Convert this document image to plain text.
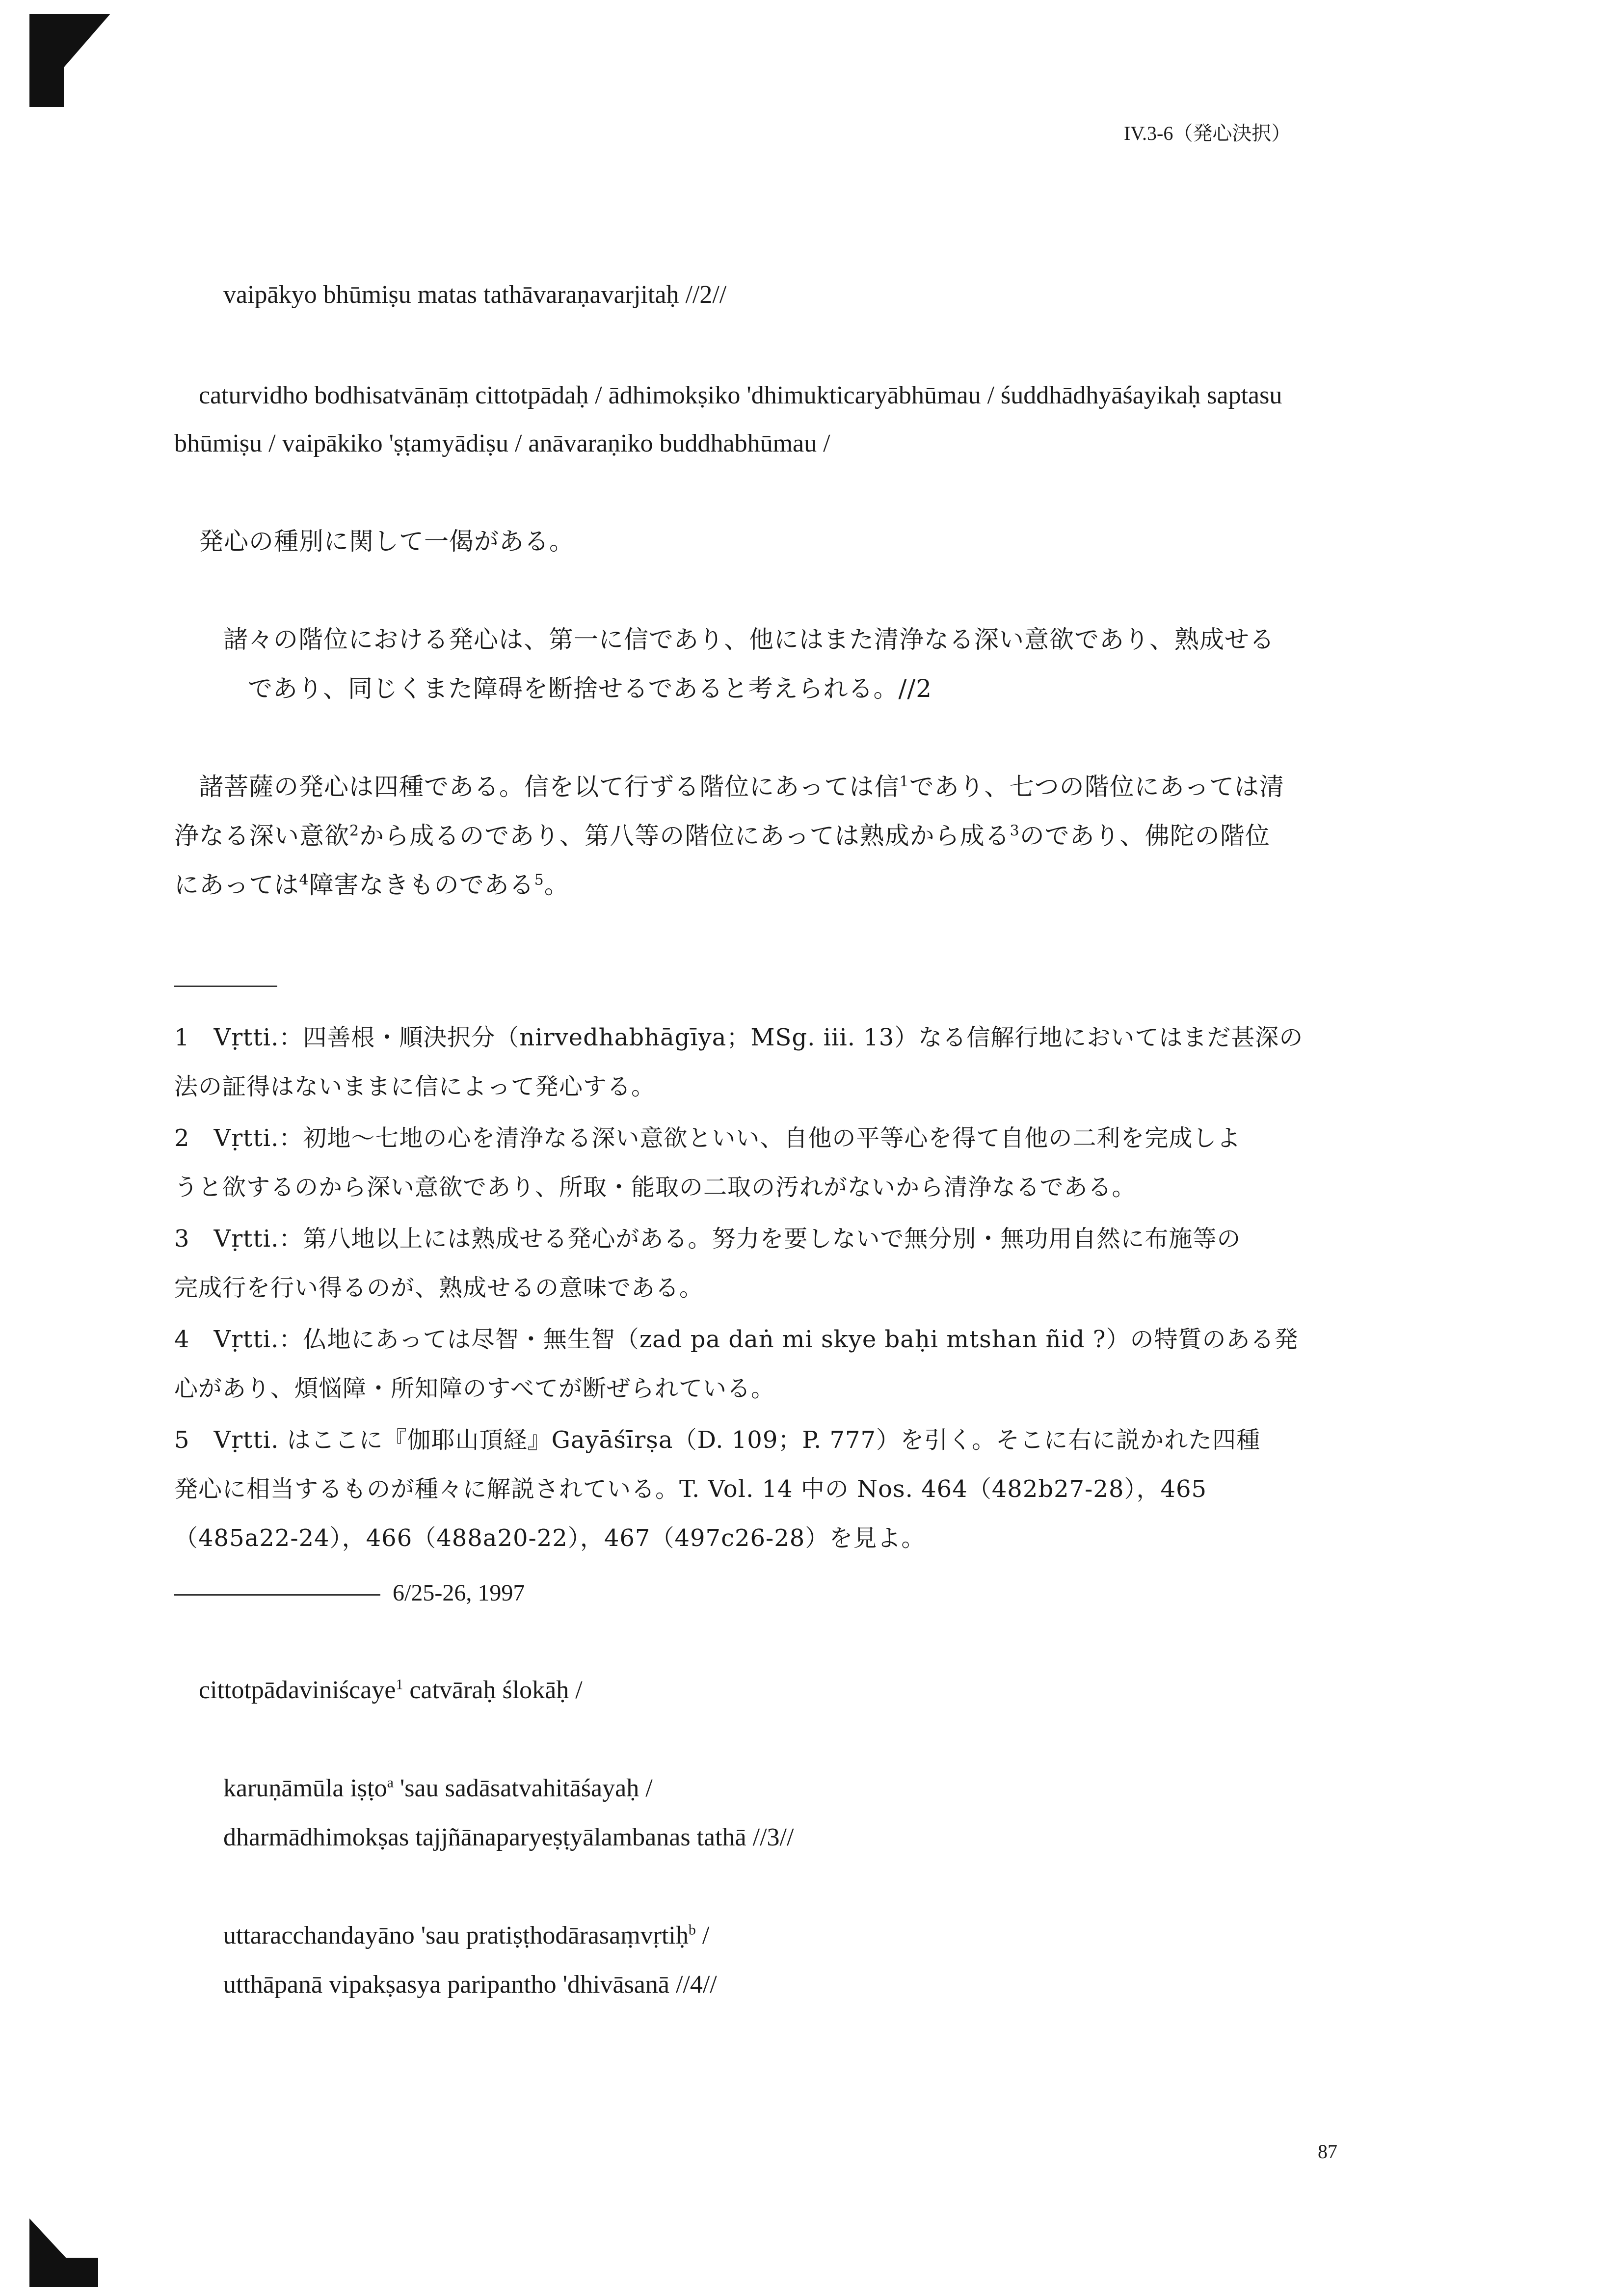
IV.3-6（発心決択）
vaipākyo bhūmiṣu matas tathāvaraṇavarjitaḥ //2//
caturvidho bodhisatvānāṃ cittotpādaḥ / ādhimokṣiko 'dhimukticaryābhūmau / śuddhādhyāśayikaḥ saptasu
bhūmiṣu / vaipākiko 'ṣṭamyādiṣu / anāvaraṇiko buddhabhūmau /
発心の種別に関して一偈がある。
諸々の階位における発心は、第一に信であり、他にはまた清浄なる深い意欲であり、熟成せる
であり、同じくまた障碍を断捨せるであると考えられる。//2
諸菩薩の発心は四種である。信を以て行ずる階位にあっては信$^1$であり、七つの階位にあっては清
浄なる深い意欲$^2$から成るのであり、第八等の階位にあっては熟成から成る$^3$のであり、佛陀の階位
にあっては$^4$障害なきものである$^5$。
1　Vṛtti.：四善根・順決択分（nirvedhabhāgīya；MSg. iii. 13）なる信解行地においてはまだ甚深の
法の証得はないままに信によって発心する。
2　Vṛtti.：初地～七地の心を清浄なる深い意欲といい、自他の平等心を得て自他の二利を完成しよ
うと欲するのから深い意欲であり、所取・能取の二取の汚れがないから清浄なるである。
3　Vṛtti.：第八地以上には熟成せる発心がある。努力を要しないで無分別・無功用自然に布施等の
完成行を行い得るのが、熟成せるの意味である。
4　Vṛtti.：仏地にあっては尽智・無生智（zad pa daṅ mi skye baḥi mtshan ñid ?）の特質のある発
心があり、煩悩障・所知障のすべてが断ぜられている。
5　Vṛtti. はここに『伽耶山頂経』Gayāśīrṣa（D. 109；P. 777）を引く。そこに右に説かれた四種
発心に相当するものが種々に解説されている。T. Vol. 14 中の Nos. 464（482b27-28），465
（485a22-24），466（488a20-22），467（497c26-28）を見よ。
6/25-26, 1997
cittotpādaviniścaye$^1$ catvāraḥ ślokāḥ /
karuṇāmūla iṣṭo$^a$ 'sau sadāsatvahitāśayaḥ /
dharmādhimokṣas tajjñānaparyeṣṭyālambanas tathā //3//
uttaracchandayāno 'sau pratiṣṭhodārasaṃvṛtiḥ$^b$ /
utthāpanā vipakṣasya paripantho 'dhivāsanā //4//
87
